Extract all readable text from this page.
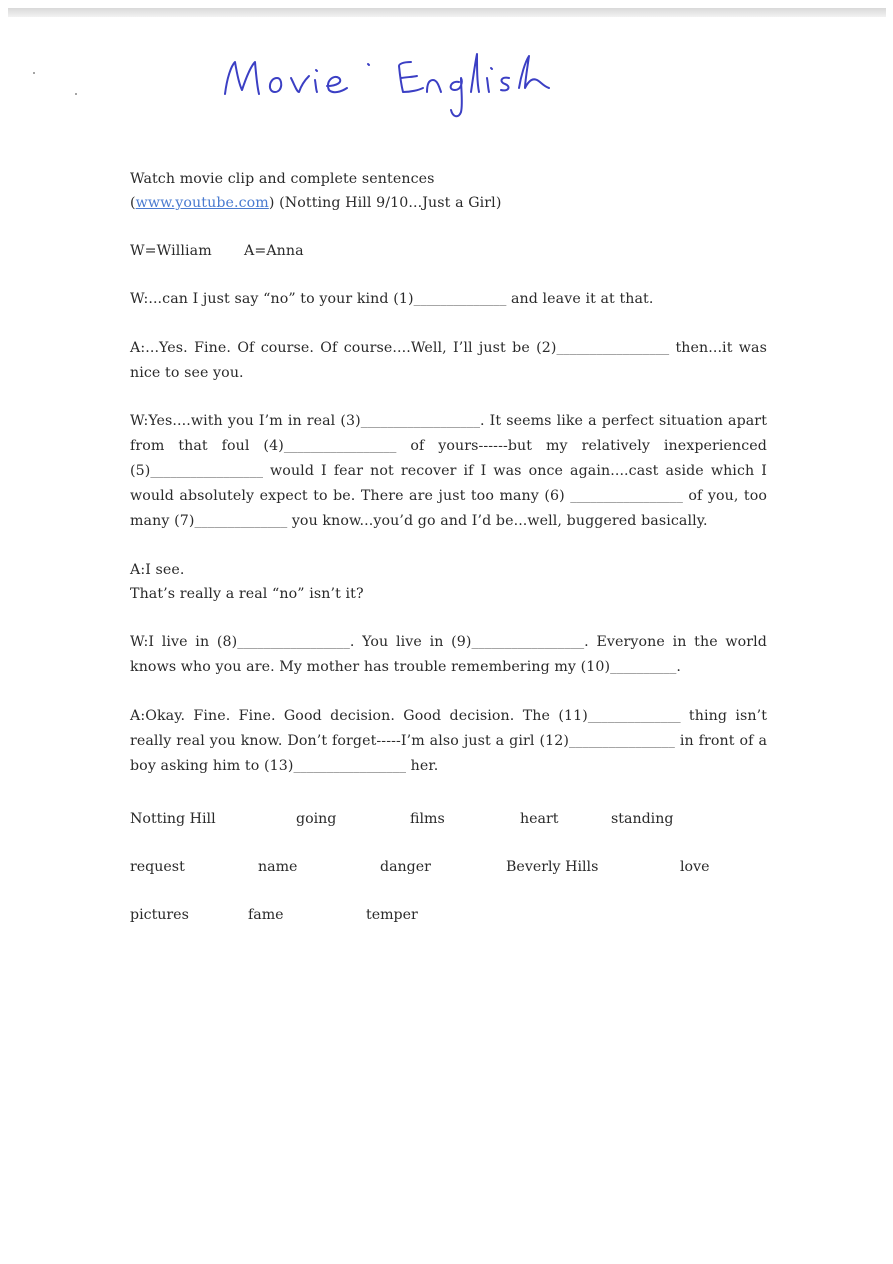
Watch movie clip and complete sentences

(www.youtube.com) (Notting Hill 9/10...Just a Girl)

W=William A=Anna

W:...can I just say “no” to your kind (1)______________ and leave it at that.

A:...Yes. Fine. Of course. Of course....Well, I’ll just be (2)_________________ then...it was nice to see you.

W:Yes....with you I’m in real (3)__________________. It seems like a perfect situation apart from that foul (4)_________________ of yours------but my relatively inexperienced (5)_________________ would I fear not recover if I was once again....cast aside which I would absolutely expect to be. There are just too many (6) _________________ of you, too many (7)______________ you know...you’d go and I’d be...well, buggered basically.

A:I see.

That’s really a real “no” isn’t it?

W:I live in (8)_________________. You live in (9)_________________. Everyone in the world knows who you are. My mother has trouble remembering my (10)__________.

A:Okay. Fine. Fine. Good decision. Good decision. The (11)______________ thing isn’t really real you know. Don’t forget-----I’m also just a girl (12)________________ in front of a boy asking him to (13)_________________ her.

Notting Hill	going	films	heart	standing
request	name	danger	Beverly Hills	love
pictures	fame	temper
